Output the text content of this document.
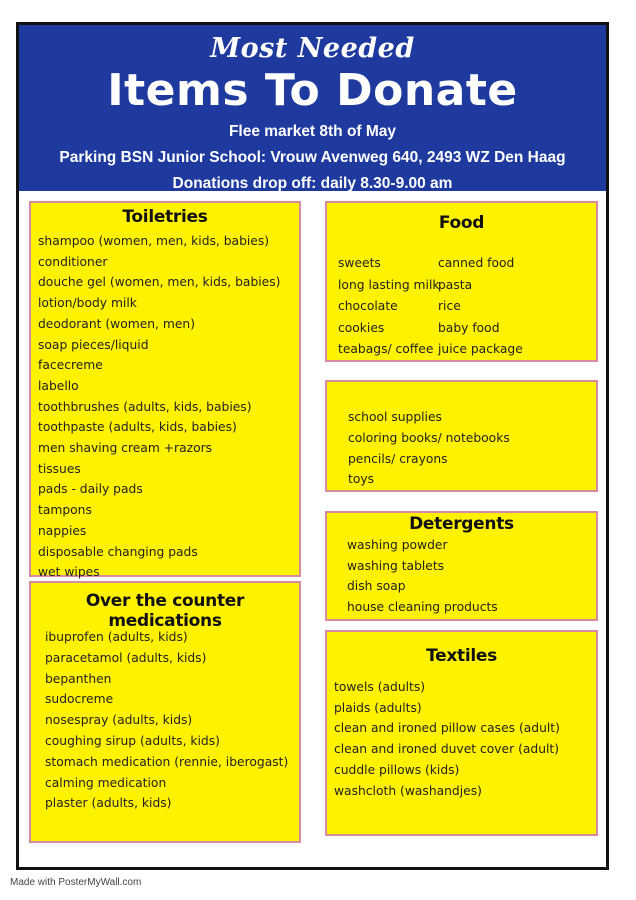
Most Needed
Items To Donate
Flee market 8th of May
Parking BSN Junior School: Vrouw Avenweg 640, 2493 WZ Den Haag
Donations drop off: daily 8.30-9.00 am
Toiletries
shampoo (women, men, kids, babies)
conditioner
douche gel (women, men, kids, babies)
lotion/body milk
deodorant (women, men)
soap pieces/liquid
facecreme
labello
toothbrushes (adults, kids, babies)
toothpaste (adults, kids, babies)
men shaving cream +razors
tissues
pads - daily pads
tampons
nappies
disposable changing pads
wet wipes
Over the counter medications
ibuprofen (adults, kids)
paracetamol (adults, kids)
bepanthen
sudocreme
nosespray (adults, kids)
coughing sirup (adults, kids)
stomach medication (rennie, iberogast)
calming medication
plaster (adults, kids)
Food
sweets
long lasting milk
chocolate
cookies
teabags/ coffee
canned food
pasta
rice
baby food
juice package
school supplies
coloring books/ notebooks
pencils/ crayons
toys
Detergents
washing powder
washing tablets
dish soap
house cleaning products
Textiles
towels (adults)
plaids (adults)
clean and ironed pillow cases (adult)
clean and ironed duvet cover (adult)
cuddle pillows (kids)
washcloth (washandjes)
Made with PosterMyWall.com
